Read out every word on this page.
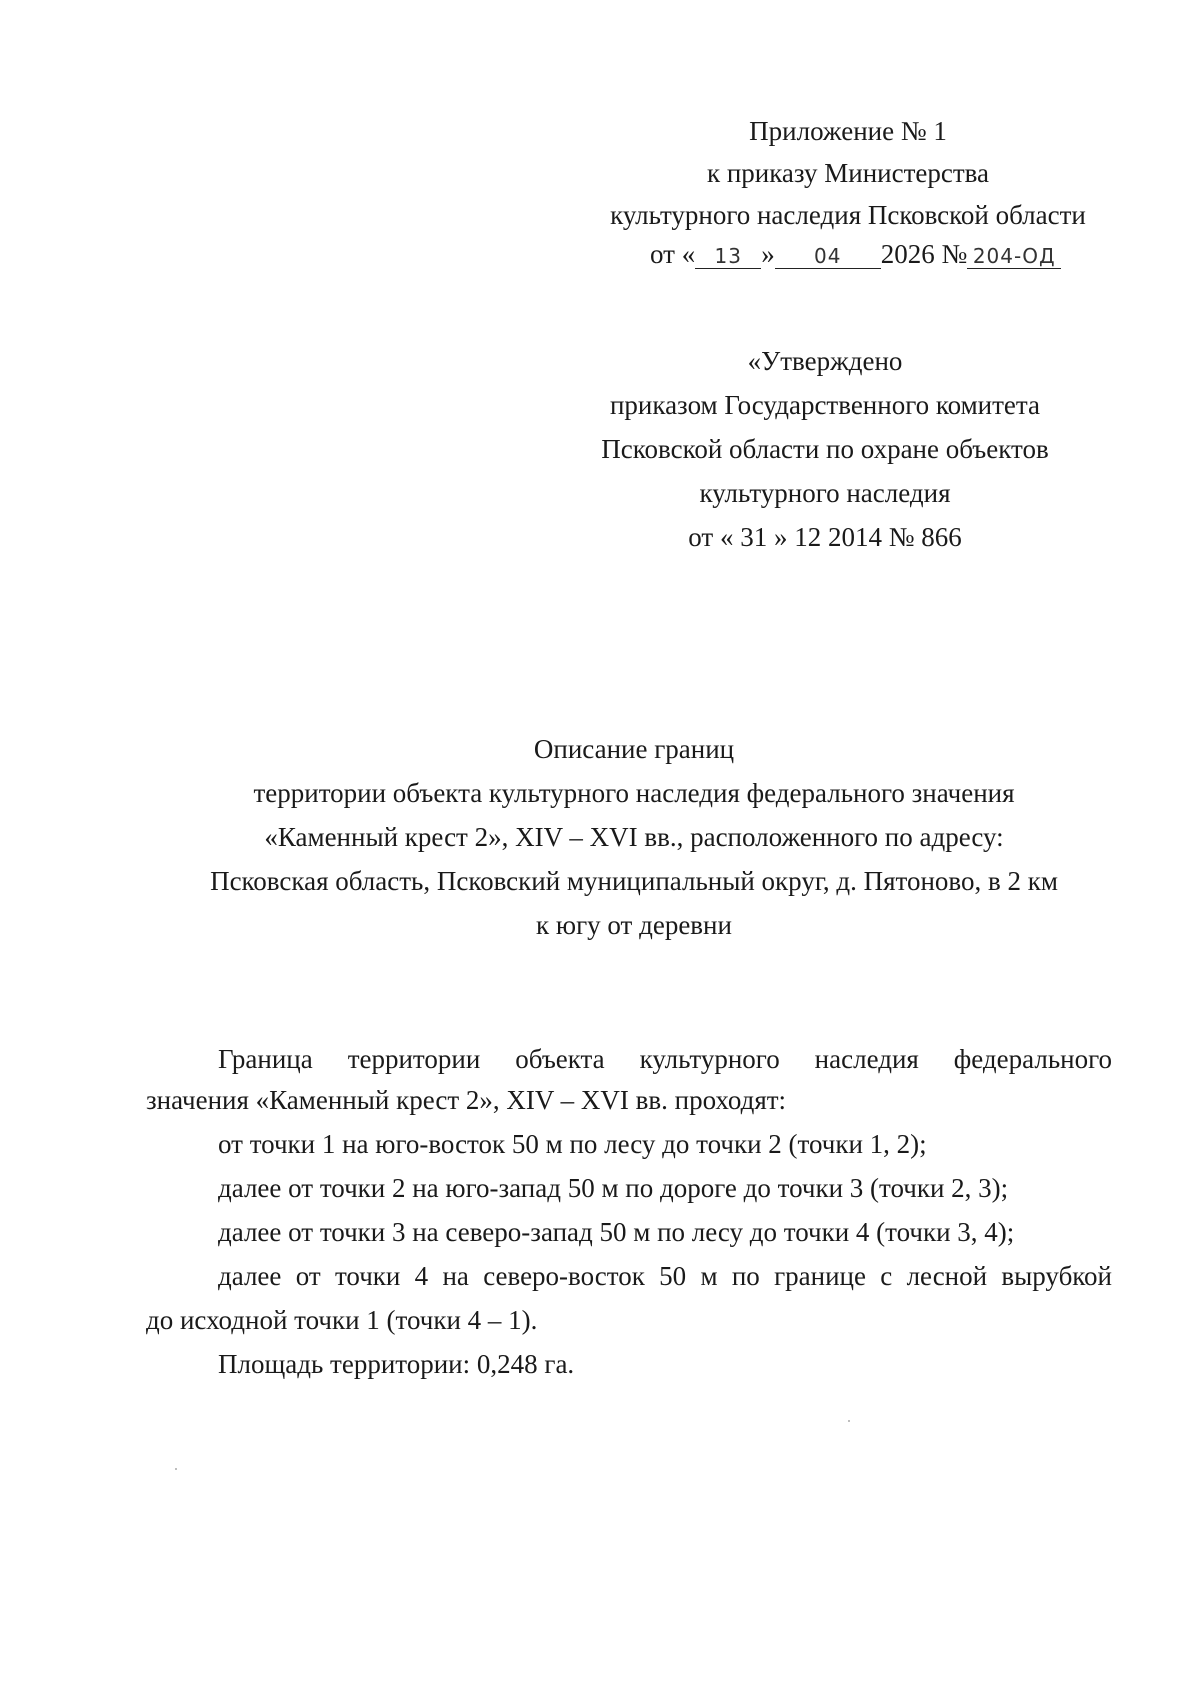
Приложение № 1
к приказу Министерства
культурного наследия Псковской области
от « 13 » 04 2026 № 204-ОД
«Утверждено
приказом Государственного комитета
Псковской области по охране объектов
культурного наследия
от « 31 » 12 2014 № 866
Описание границ
территории объекта культурного наследия федерального значения
«Каменный крест 2», XIV – XVI вв., расположенного по адресу:
Псковская область, Псковский муниципальный округ, д. Пятоново, в 2 км
к югу от деревни
Граница территории объекта культурного наследия федерального
значения «Каменный крест 2», XIV – XVI вв. проходят:
от точки 1 на юго-восток 50 м по лесу до точки 2 (точки 1, 2);
далее от точки 2 на юго-запад 50 м по дороге до точки 3 (точки 2, 3);
далее от точки 3 на северо-запад 50 м по лесу до точки 4 (точки 3, 4);
далее от точки 4 на северо-восток 50 м по границе с лесной вырубкой
до исходной точки 1 (точки 4 – 1).
Площадь территории: 0,248 га.
